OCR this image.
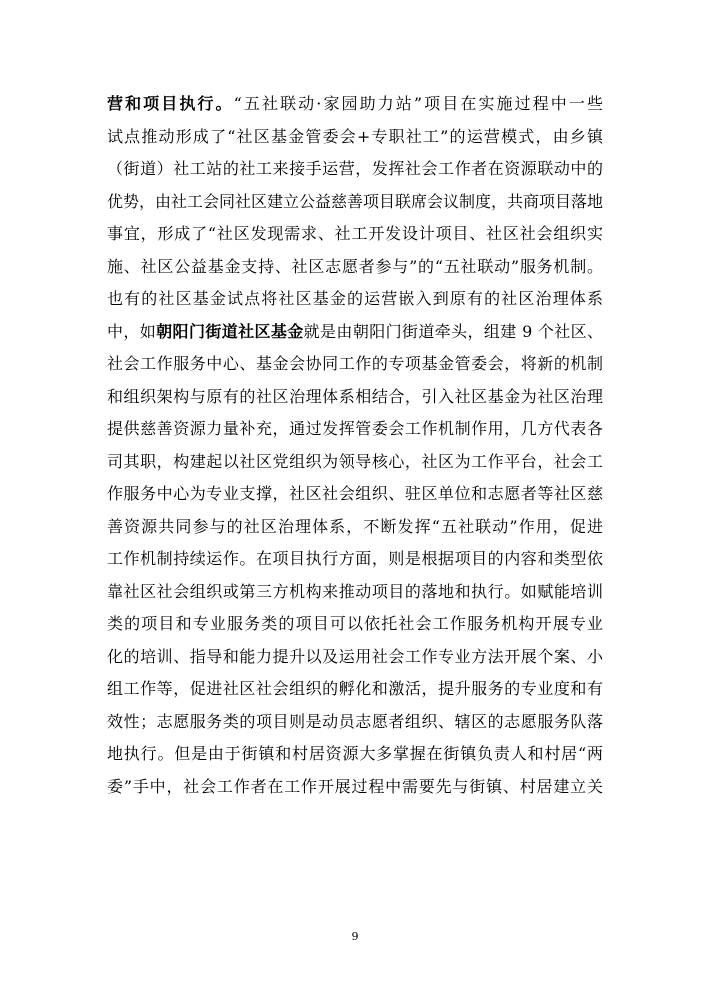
营和项目执行。“五社联动·家园助力站”项目在实施过程中一些
试点推动形成了“社区基金管委会+专职社工”的运营模式，由乡镇
（街道）社工站的社工来接手运营，发挥社会工作者在资源联动中的
优势，由社工会同社区建立公益慈善项目联席会议制度，共商项目落地
事宜，形成了“社区发现需求、社工开发设计项目、社区社会组织实
施、社区公益基金支持、社区志愿者参与”的“五社联动”服务机制。
也有的社区基金试点将社区基金的运营嵌入到原有的社区治理体系
中，如朝阳门街道社区基金就是由朝阳门街道牵头，组建 9 个社区、
社会工作服务中心、基金会协同工作的专项基金管委会，将新的机制
和组织架构与原有的社区治理体系相结合，引入社区基金为社区治理
提供慈善资源力量补充，通过发挥管委会工作机制作用，几方代表各
司其职，构建起以社区党组织为领导核心，社区为工作平台，社会工
作服务中心为专业支撑，社区社会组织、驻区单位和志愿者等社区慈
善资源共同参与的社区治理体系，不断发挥“五社联动”作用，促进
工作机制持续运作。在项目执行方面，则是根据项目的内容和类型依
靠社区社会组织或第三方机构来推动项目的落地和执行。如赋能培训
类的项目和专业服务类的项目可以依托社会工作服务机构开展专业
化的培训、指导和能力提升以及运用社会工作专业方法开展个案、小
组工作等，促进社区社会组织的孵化和激活，提升服务的专业度和有
效性；志愿服务类的项目则是动员志愿者组织、辖区的志愿服务队落
地执行。但是由于街镇和村居资源大多掌握在街镇负责人和村居“两
委”手中，社会工作者在工作开展过程中需要先与街镇、村居建立关
9
